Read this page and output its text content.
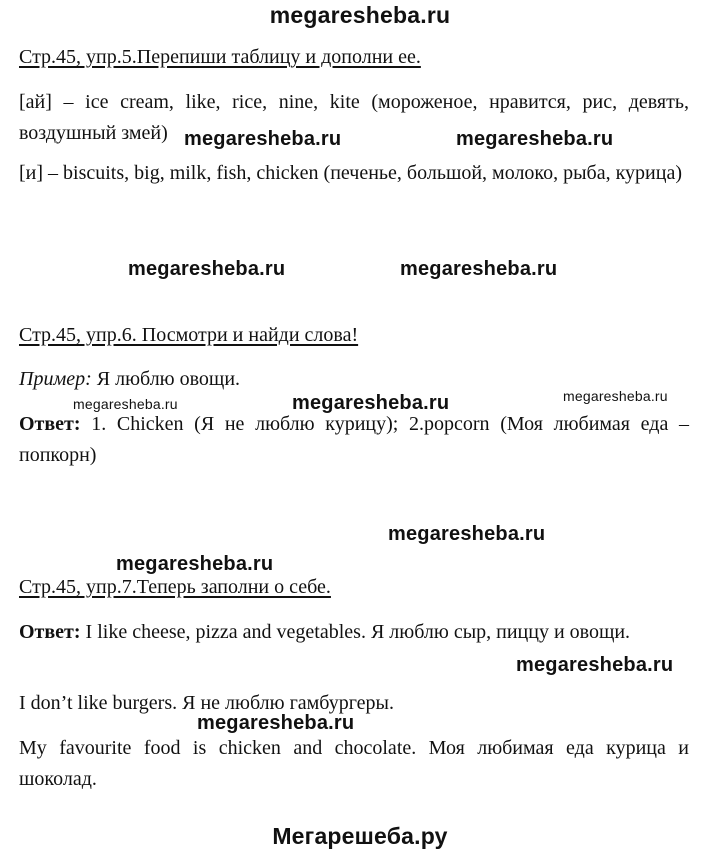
megaresheba.ru
Стр.45, упр.5.Перепиши таблицу и дополни ее.
[ай] – ice cream, like, rice, nine, kite (мороженое, нравится, рис, девять, воздушный змей)
[и] – biscuits, big, milk, fish, chicken (печенье, большой, молоко, рыба, курица)
Стр.45, упр.6. Посмотри и найди слова!
Пример: Я люблю овощи.
Ответ: 1. Chicken (Я не люблю курицу); 2.popcorn (Моя любимая еда – попкорн)
Стр.45, упр.7.Теперь заполни о себе.
Ответ: I like cheese, pizza and vegetables. Я люблю сыр, пиццу и овощи.
I don’t like burgers. Я не люблю гамбургеры.
My favourite food is chicken and chocolate. Моя любимая еда курица и шоколад.
megaresheba.ru	megaresheba.ru
megaresheba.ru	megaresheba.ru
megaresheba.ru	megaresheba.ru	megaresheba.ru
megaresheba.ru
megaresheba.ru
megaresheba.ru
megaresheba.ru
Мегарешеба.ру
